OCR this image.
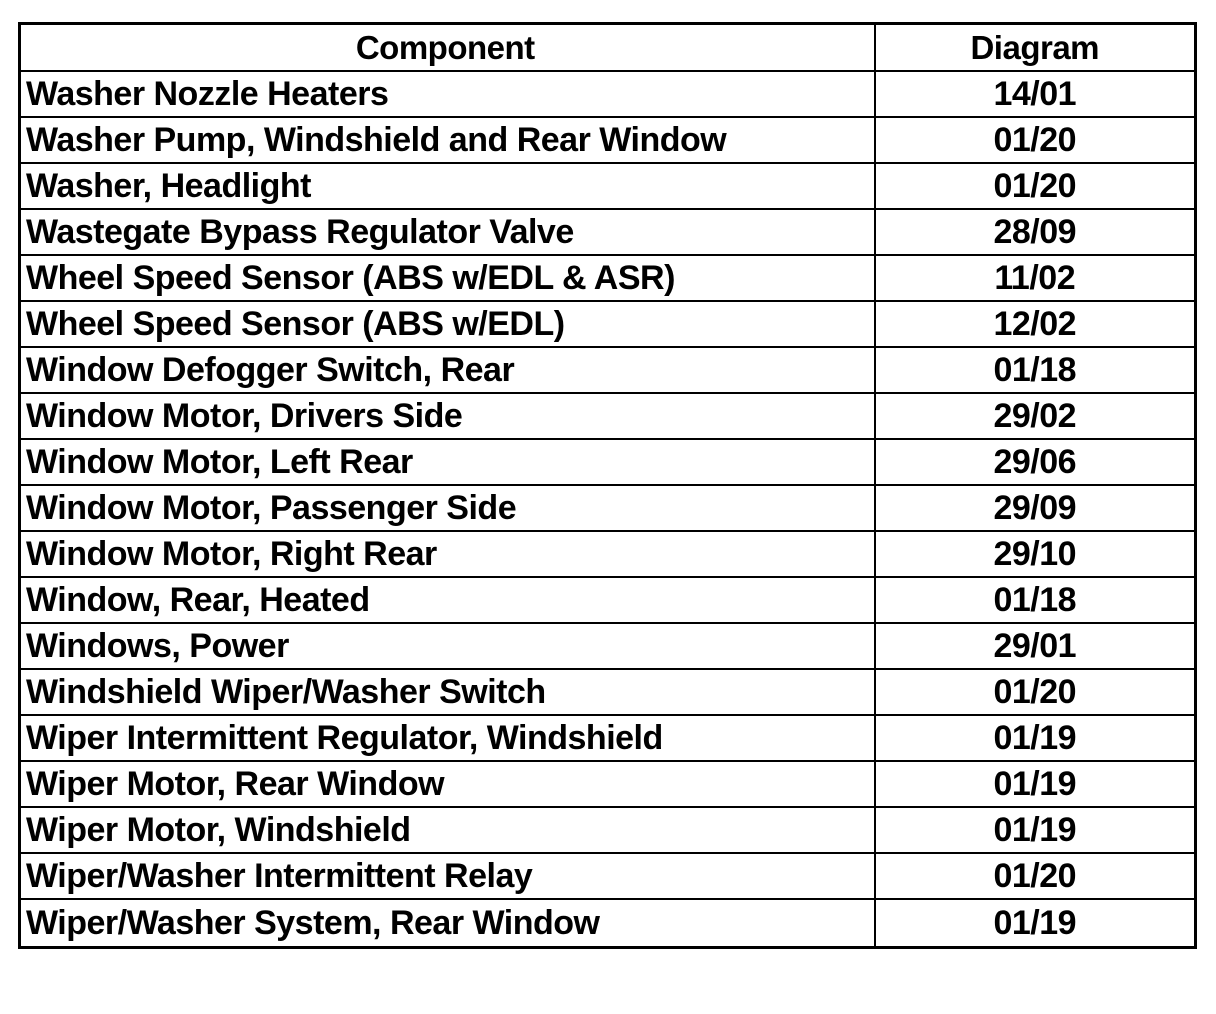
Component	Diagram
Washer Nozzle Heaters	14/01
Washer Pump, Windshield and Rear Window	01/20
Washer, Headlight	01/20
Wastegate Bypass Regulator Valve	28/09
Wheel Speed Sensor (ABS w/EDL & ASR)	11/02
Wheel Speed Sensor (ABS w/EDL)	12/02
Window Defogger Switch, Rear	01/18
Window Motor, Drivers Side	29/02
Window Motor, Left Rear	29/06
Window Motor, Passenger Side	29/09
Window Motor, Right Rear	29/10
Window, Rear, Heated	01/18
Windows, Power	29/01
Windshield Wiper/Washer Switch	01/20
Wiper Intermittent Regulator, Windshield	01/19
Wiper Motor, Rear Window	01/19
Wiper Motor, Windshield	01/19
Wiper/Washer Intermittent Relay	01/20
Wiper/Washer System, Rear Window	01/19
